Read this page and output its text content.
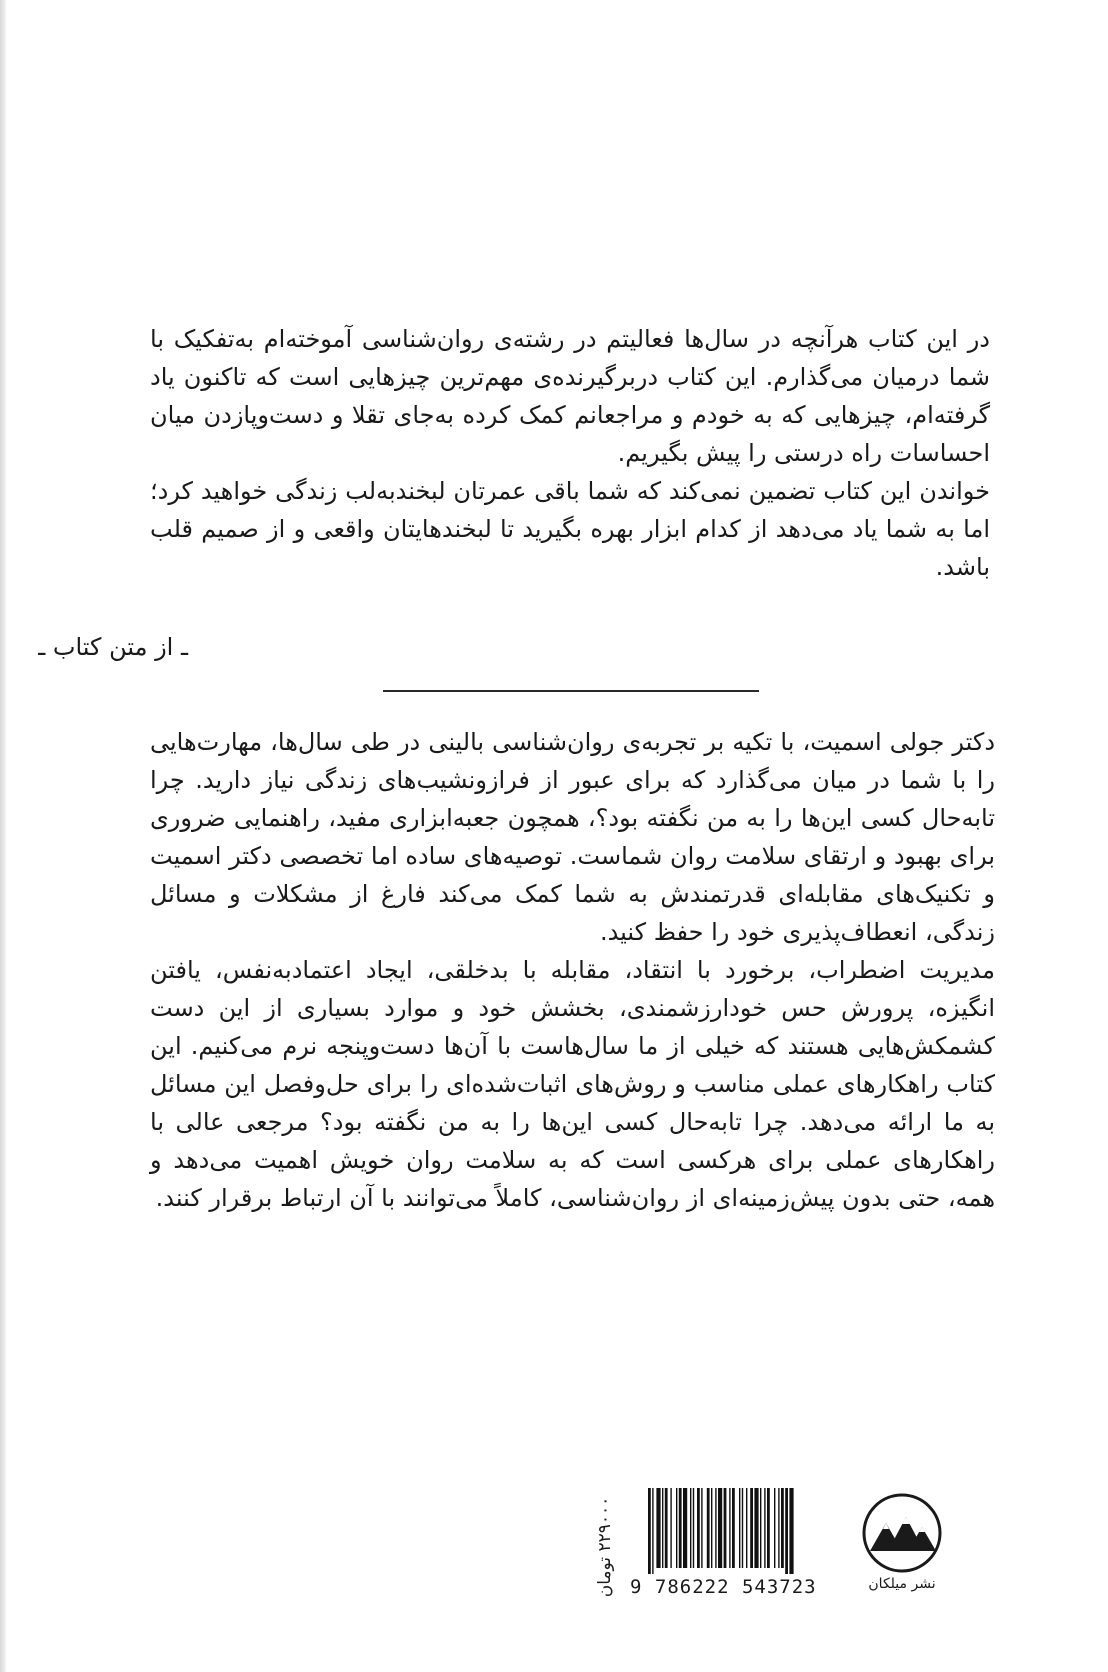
در این کتاب هرآنچه در سال‌ها فعالیتم در رشته‌ی روان‌شناسی آموخته‌ام به‌تفکیک با شما درمیان می‌گذارم. این کتاب دربرگیرنده‌ی مهم‌ترین چیزهایی است که تاکنون یاد گرفته‌ام، چیزهایی که به خودم و مراجعانم کمک کرده به‌جای تقلا و دست‌وپازدن میان احساسات راه درستی را پیش بگیریم.

خواندن این کتاب تضمین نمی‌کند که شما باقی عمرتان لبخندبه‌لب زندگی خواهید کرد؛ اما به شما یاد می‌دهد از کدام ابزار بهره بگیرید تا لبخندهایتان واقعی و از صمیم قلب باشد.

ـ از متن کتاب ـ

دکتر جولی اسمیت، با تکیه بر تجربه‌ی روان‌شناسی بالینی در طی سال‌ها، مهارت‌هایی را با شما در میان می‌گذارد که برای عبور از فرازونشیب‌های زندگی نیاز دارید. چرا تابه‌حال کسی این‌ها را به من نگفته بود؟، همچون جعبه‌ابزاری مفید، راهنمایی ضروری برای بهبود و ارتقای سلامت روان شماست. توصیه‌های ساده اما تخصصی دکتر اسمیت و تکنیک‌های مقابله‌ای قدرتمندش به شما کمک می‌کند فارغ از مشکلات و مسائل زندگی، انعطاف‌پذیری خود را حفظ کنید.

مدیریت اضطراب، برخورد با انتقاد، مقابله با بدخلقی، ایجاد اعتمادبه‌نفس، یافتن انگیزه، پرورش حس خودارزشمندی، بخشش خود و موارد بسیاری از این دست کشمکش‌هایی هستند که خیلی از ما سال‌هاست با آن‌ها دست‌وپنجه نرم می‌کنیم. این کتاب راهکارهای عملی مناسب و روش‌های اثبات‌شده‌ای را برای حل‌وفصل این مسائل به ما ارائه می‌دهد. چرا تابه‌حال کسی این‌ها را به من نگفته بود؟ مرجعی عالی با راهکارهای عملی برای هرکسی است که به سلامت روان خویش اهمیت می‌دهد و همه، حتی بدون پیش‌زمینه‌ای از روان‌شناسی، کاملاً می‌توانند با آن ارتباط برقرار کنند.

نشر میلکان
9 786222 543723
۲۲۹۰۰۰ تومان
